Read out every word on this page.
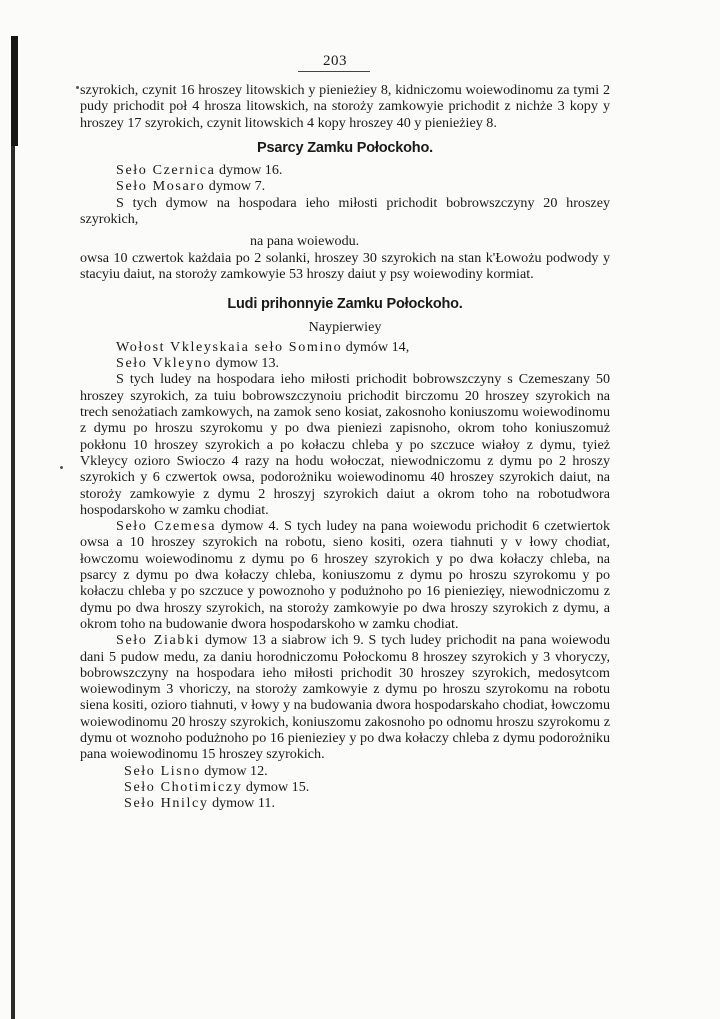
203

szyrokich, czynit 16 hroszey litowskich y pienieżiey 8, kidniczomu woiewodinomu za tymi 2 pudy prichodit poł 4 hrosza litowskich, na storoży zamkowyie prichodit z nichże 3 kopy y hroszey 17 szyrokich, czynit litowskich 4 kopy hroszey 40 y pienieżiey 8.

Psarcy Zamku Połockoho.

Seło Czernica dymow 16.

Seło Mosaro dymow 7.

S tych dymow na hospodara ieho miłosti prichodit bobrowszczyny 20 hroszey szyrokich,

na pana woiewodu.

owsa 10 czwertok każdaia po 2 solanki, hroszey 30 szyrokich na stan k'Łowożu podwody y stacyiu daiut, na storoży zamkowyie 53 hroszy daiut y psy woiewodiny kormiat.

Ludi prihonnyie Zamku Połockoho.
Naypierwiey

Wołost Vkleyskaia seło Somino dymów 14,

Seło Vkleyno dymow 13.

S tych ludey na hospodara ieho miłosti prichodit bobrowszczyny s Czemeszany 50 hroszey szyrokich, za tuiu bobrowszczynoiu prichodit birczomu 20 hroszey szyrokich na trech senożatiach zamkowych, na zamok seno kosiat, zakosnoho koniuszomu woiewodinomu z dymu po hroszu szyrokomu y po dwa pieniezi zapisnoho, okrom toho koniuszomuż pokłonu 10 hroszey szyrokich a po kołaczu chleba y po szczuce wiałoy z dymu, tyież Vkleycy ozioro Swioczo 4 razy na hodu wołoczat, niewodniczomu z dymu po 2 hroszy szyrokich y 6 czwertok owsa, podorożniku woiewodinomu 40 hroszey szyrokich daiut, na storoży zamkowyie z dymu 2 hroszyj szyrokich daiut a okrom toho na robotudwora hospodarskoho w zamku chodiat.

Seło Czemesa dymow 4. S tych ludey na pana woiewodu prichodit 6 czetwiertok owsa a 10 hroszey szyrokich na robotu, sieno kositi, ozera tiahnuti y v łowy chodiat, łowczomu woiewodinomu z dymu po 6 hroszey szyrokich y po dwa kołaczy chleba, na psarcy z dymu po dwa kołaczy chleba, koniuszomu z dymu po hroszu szyrokomu y po kołaczu chleba y po szczuce y powoznoho y podużnoho po 16 pieniezięy, niewodniczomu z dymu po dwa hroszy szyrokich, na storoży zamkowyie po dwa hroszy szyrokich z dymu, a okrom toho na budowanie dwora hospodarskoho w zamku chodiat.

Seło Ziabki dymow 13 a siabrow ich 9. S tych ludey prichodit na pana woiewodu dani 5 pudow medu, za daniu horodniczomu Połockomu 8 hroszey szyrokich y 3 vhoryczy, bobrowszczyny na hospodara ieho miłosti prichodit 30 hroszey szyrokich, medosytcom woiewodinym 3 vhoriczy, na storoży zamkowyie z dymu po hroszu szyrokomu na robotu siena kositi, ozioro tiahnuti, v łowy y na budowania dwora hospodarskaho chodiat, łowczomu woiewodinomu 20 hroszy szyrokich, koniuszomu zakosnoho po odnomu hroszu szyrokomu z dymu ot woznoho podużnoho po 16 pienieziey y po dwa kołaczy chleba z dymu podorożniku pana woiewodinomu 15 hroszey szyrokich.

Seło Lisno dymow 12.

Seło Chotimiczy dymow 15.

Seło Hnilcy dymow 11.
